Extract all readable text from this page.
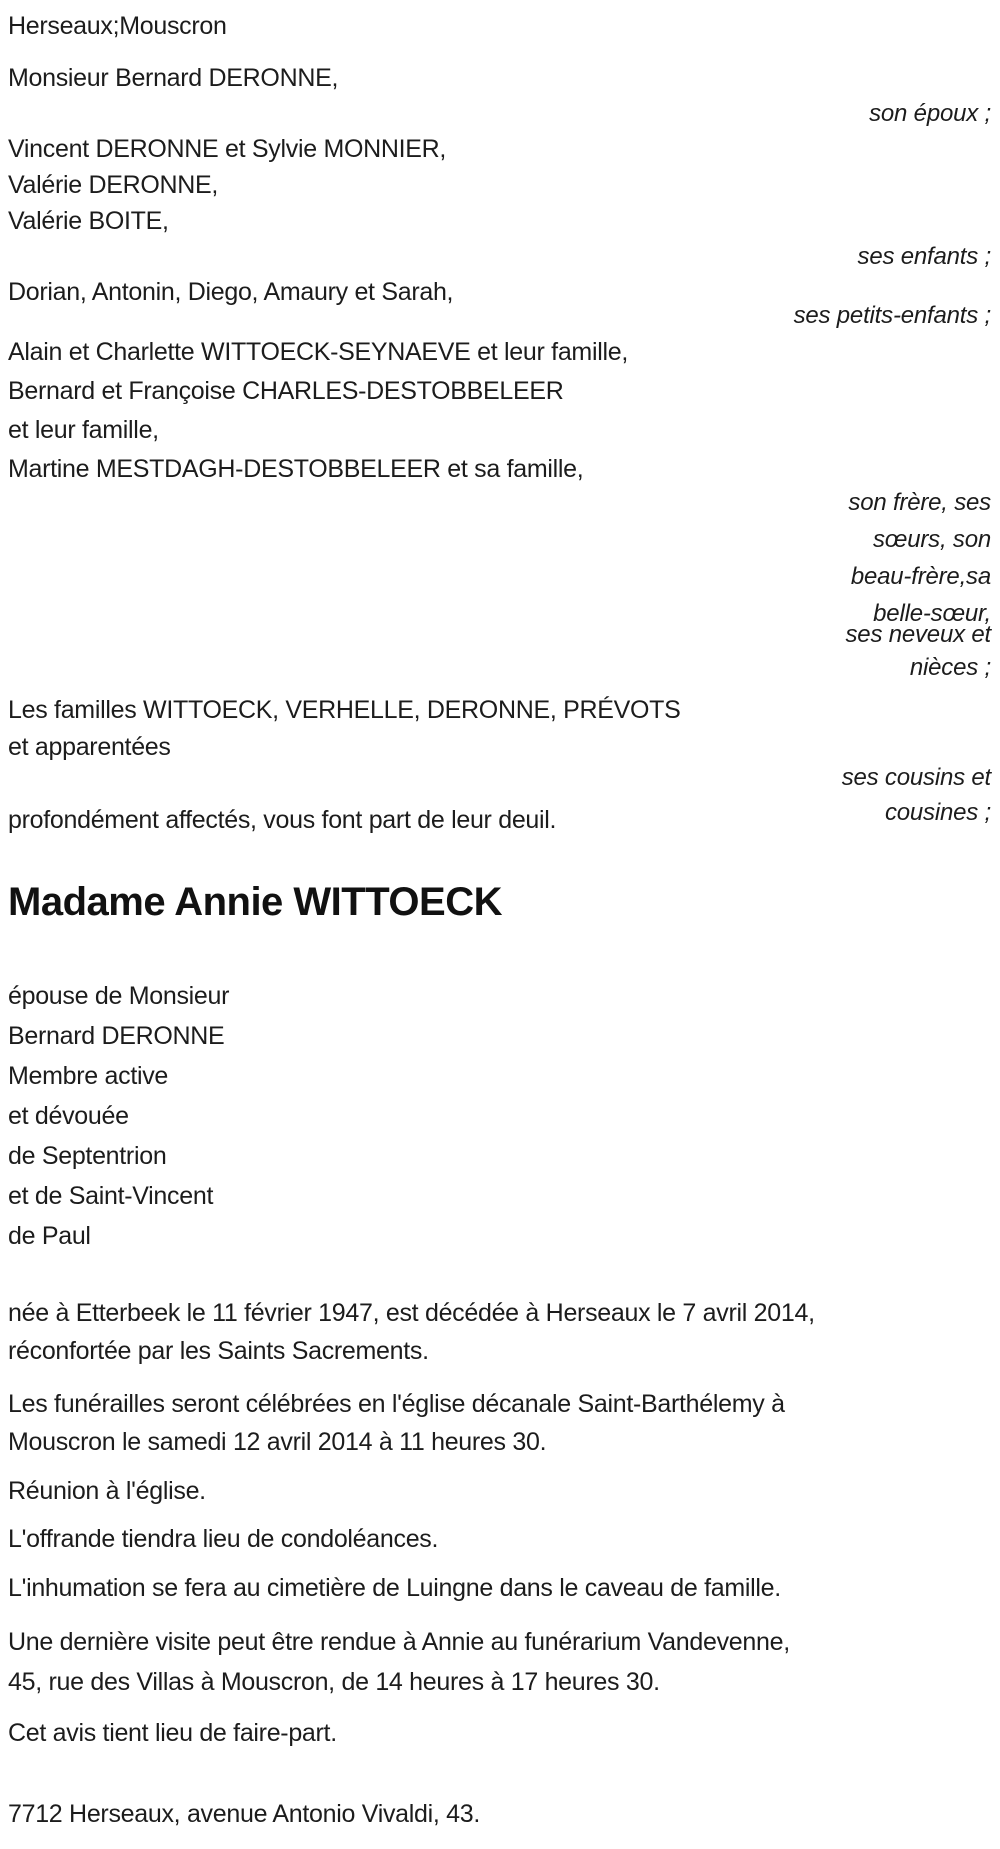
Herseaux;Mouscron
Monsieur Bernard DERONNE,
son époux ;
Vincent DERONNE et Sylvie MONNIER,
Valérie DERONNE,
Valérie BOITE,
ses enfants ;
Dorian, Antonin, Diego, Amaury et Sarah,
ses petits-enfants ;
Alain et Charlette WITTOECK-SEYNAEVE et leur famille,
Bernard et Françoise CHARLES-DESTOBBELEER
et leur famille,
Martine MESTDAGH-DESTOBBELEER et sa famille,
son frère, ses
sœurs, son
beau-frère,sa
belle-sœur,
ses neveux et
nièces ;
Les familles WITTOECK, VERHELLE, DERONNE, PRÉVOTS
et apparentées
ses cousins et
cousines ;
profondément affectés, vous font part de leur deuil.
Madame Annie WITTOECK
épouse de Monsieur
Bernard DERONNE
Membre active
et dévouée
de Septentrion
et de Saint-Vincent
de Paul
née à Etterbeek le 11 février 1947, est décédée à Herseaux le 7 avril 2014,
réconfortée par les Saints Sacrements.
Les funérailles seront célébrées en l'église décanale Saint-Barthélemy à
Mouscron le samedi 12 avril 2014 à 11 heures 30.
Réunion à l'église.
L'offrande tiendra lieu de condoléances.
L'inhumation se fera au cimetière de Luingne dans le caveau de famille.
Une dernière visite peut être rendue à Annie au funérarium Vandevenne,
45, rue des Villas à Mouscron, de 14 heures à 17 heures 30.
Cet avis tient lieu de faire-part.
7712 Herseaux, avenue Antonio Vivaldi, 43.
